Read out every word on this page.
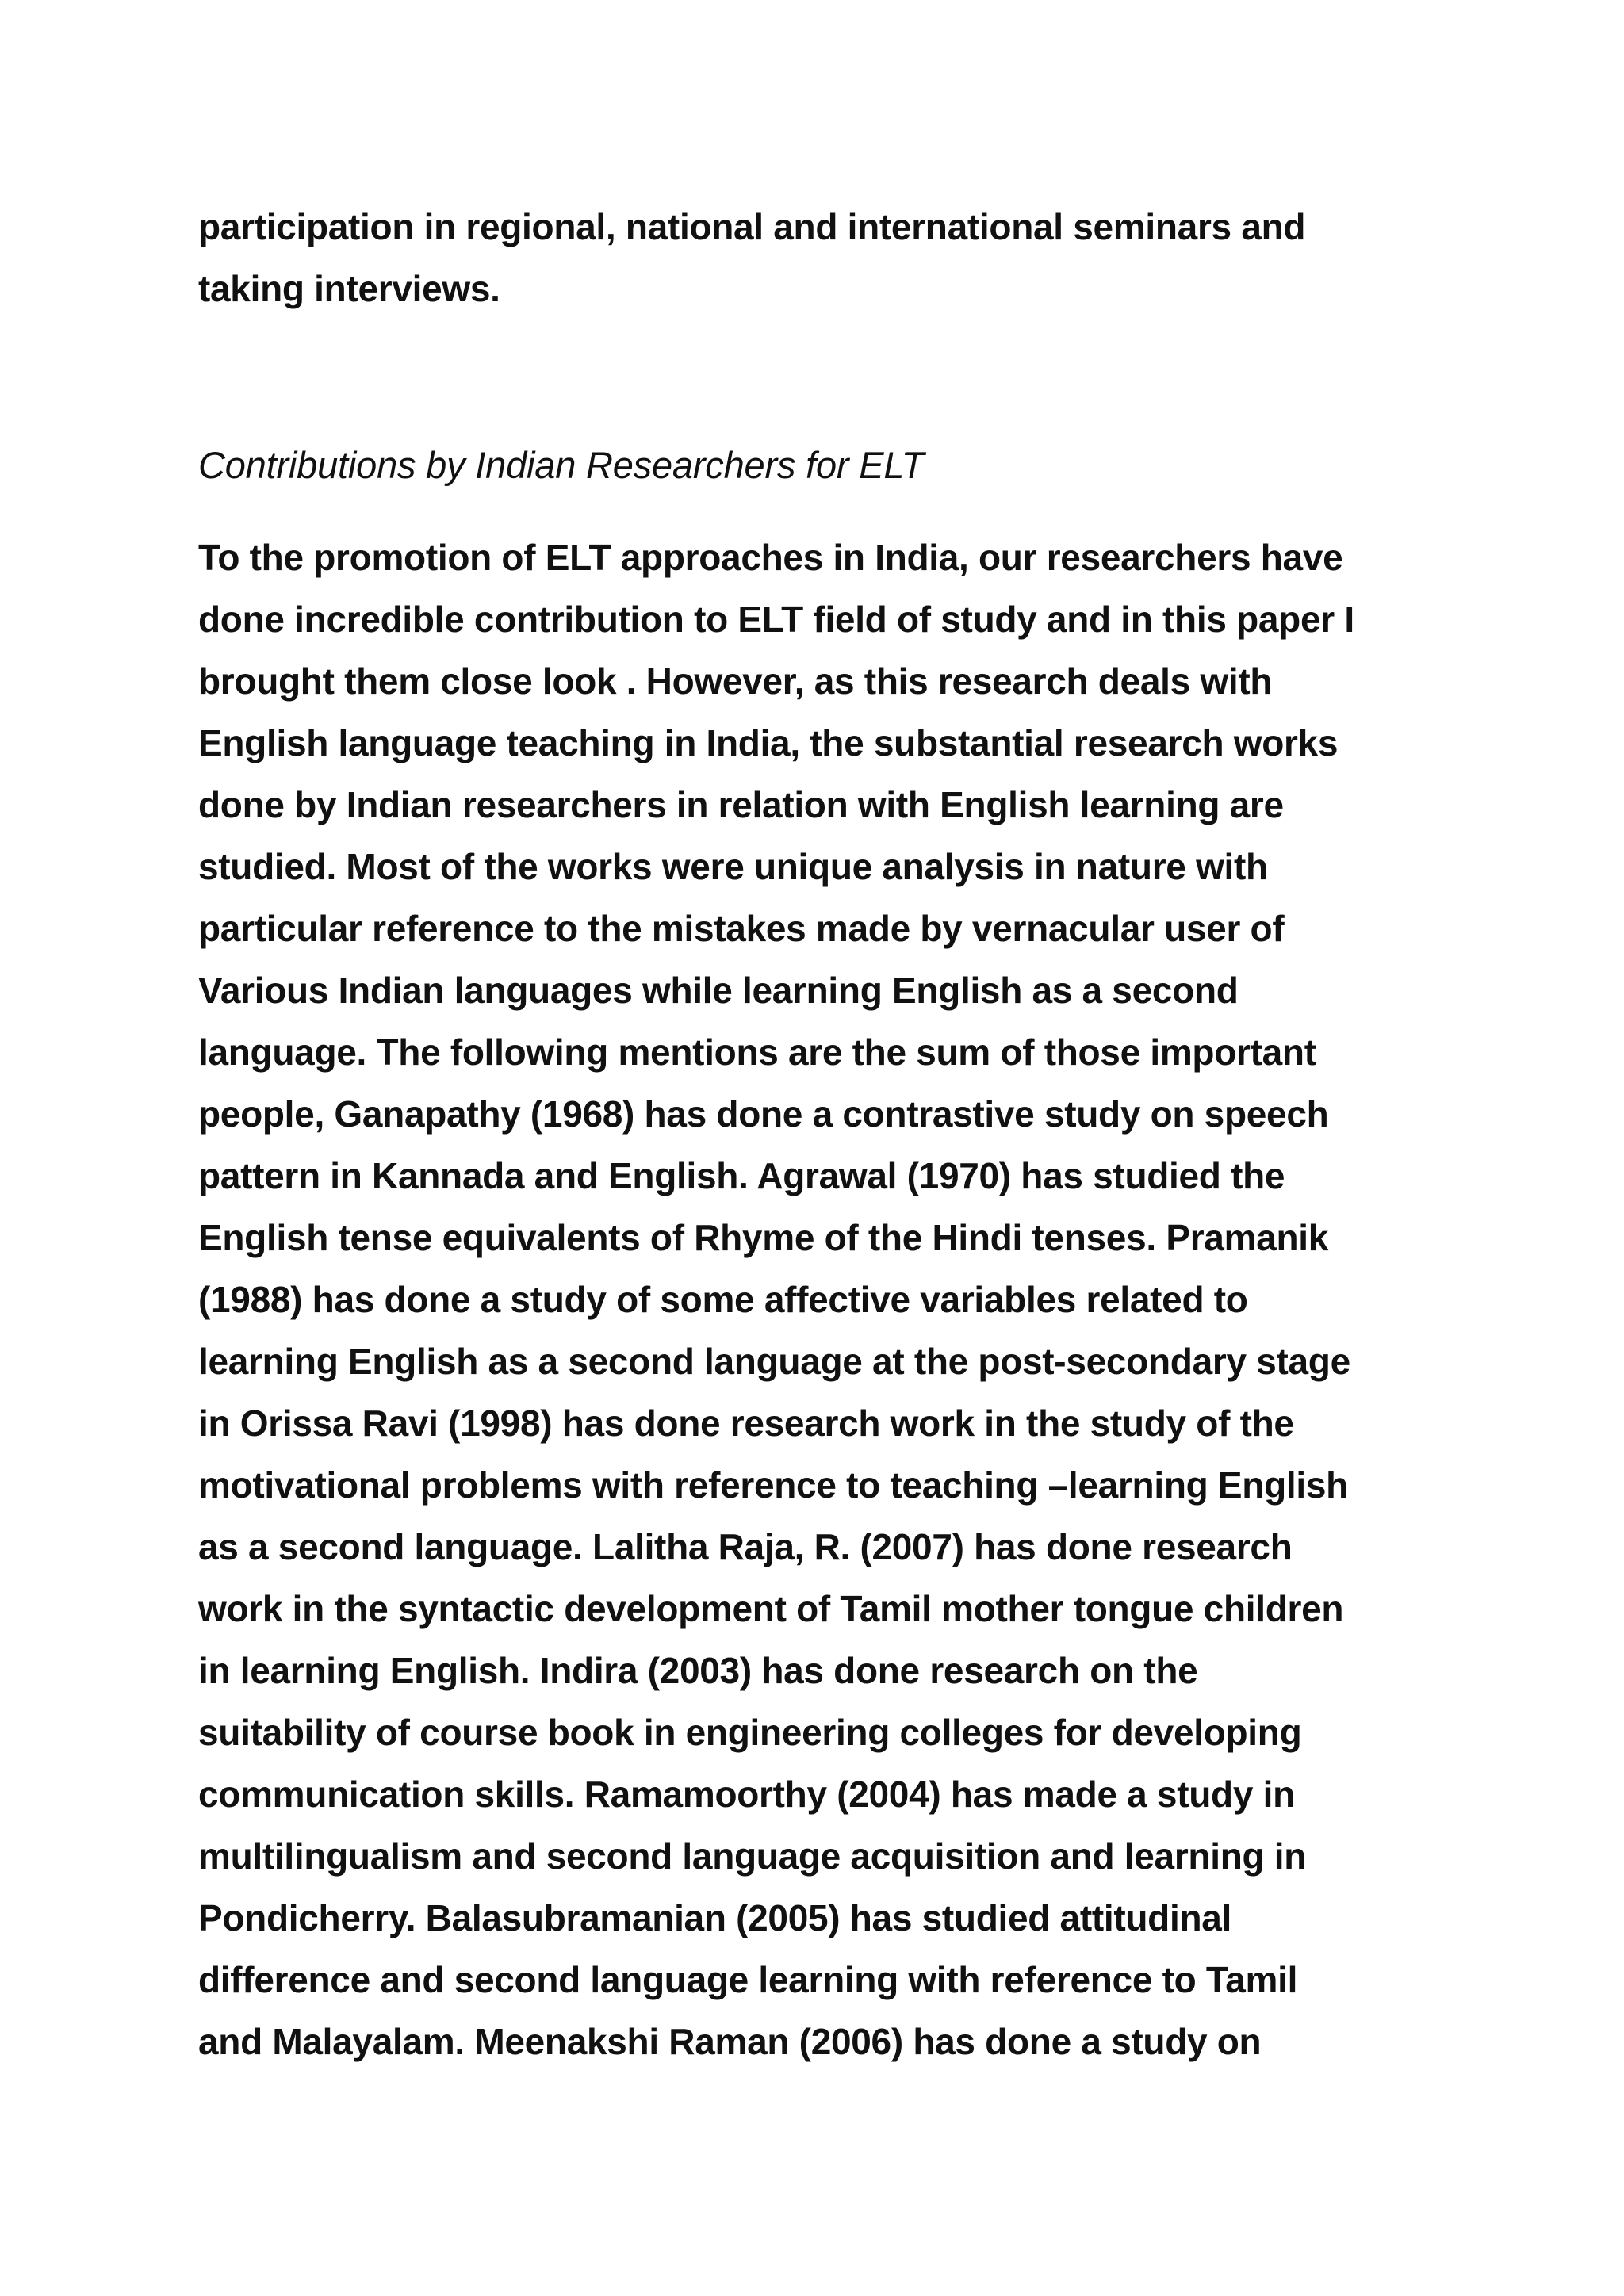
participation in regional, national and international seminars and
taking interviews.
Contributions by Indian Researchers for ELT
To the promotion of ELT approaches in India, our researchers have
done incredible contribution to ELT field of study and in this paper I
brought them close look . However, as this research deals with
English language teaching in India, the substantial research works
done by Indian researchers in relation with English learning are
studied. Most of the works were unique analysis in nature with
particular reference to the mistakes made by vernacular user of
Various Indian languages while learning English as a second
language. The following mentions are the sum of those important
people, Ganapathy (1968) has done a contrastive study on speech
pattern in Kannada and English. Agrawal (1970) has studied the
English tense equivalents of Rhyme of the Hindi tenses. Pramanik
(1988) has done a study of some affective variables related to
learning English as a second language at the post-secondary stage
in Orissa Ravi (1998) has done research work in the study of the
motivational problems with reference to teaching –learning English
as a second language. Lalitha Raja, R. (2007) has done research
work in the syntactic development of Tamil mother tongue children
in learning English. Indira (2003) has done research on the
suitability of course book in engineering colleges for developing
communication skills. Ramamoorthy (2004) has made a study in
multilingualism and second language acquisition and learning in
Pondicherry. Balasubramanian (2005) has studied attitudinal
difference and second language learning with reference to Tamil
and Malayalam. Meenakshi Raman (2006) has done a study on
